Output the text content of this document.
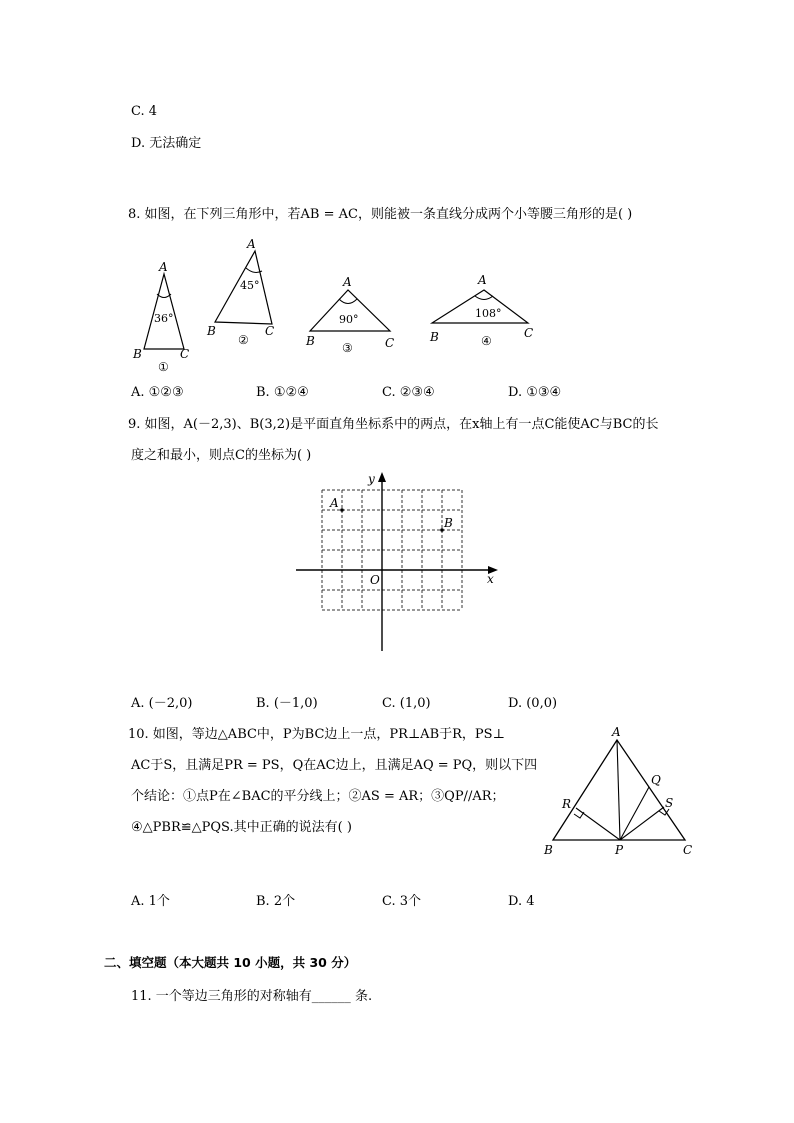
C. 4
D. 无法确定
8. 如图，在下列三角形中，若AB = AC，则能被一条直线分成两个小等腰三角形的是( )
A
B	C
36°
①
A
B	C
45°
②
A
B	C
90°
③
A
B	C
108°
④
A. ①②③	B. ①②④	C. ②③④	D. ①③④
9. 如图，A(－2,3)、B(3,2)是平面直角坐标系中的两点，在x轴上有一点C能使AC与BC的长
度之和最小，则点C的坐标为( )
x
y
O
A
B
A. (－2,0)	B. (－1,0)	C. (1,0)	D. (0,0)
10. 如图，等边△ABC中，P为BC边上一点，PR⊥AB于R，PS⊥
AC于S，且满足PR = PS，Q在AC边上，且满足AQ = PQ，则以下四
个结论：①点P在∠BAC的平分线上；②AS = AR；③QP//AR；
④△PBR≌△PQS.其中正确的说法有( )
A
B	C
P
Q
R	S
A. 1个	B. 2个	C. 3个	D. 4
二、填空题（本大题共 10 小题，共 30 分）
11. 一个等边三角形的对称轴有______ 条.
